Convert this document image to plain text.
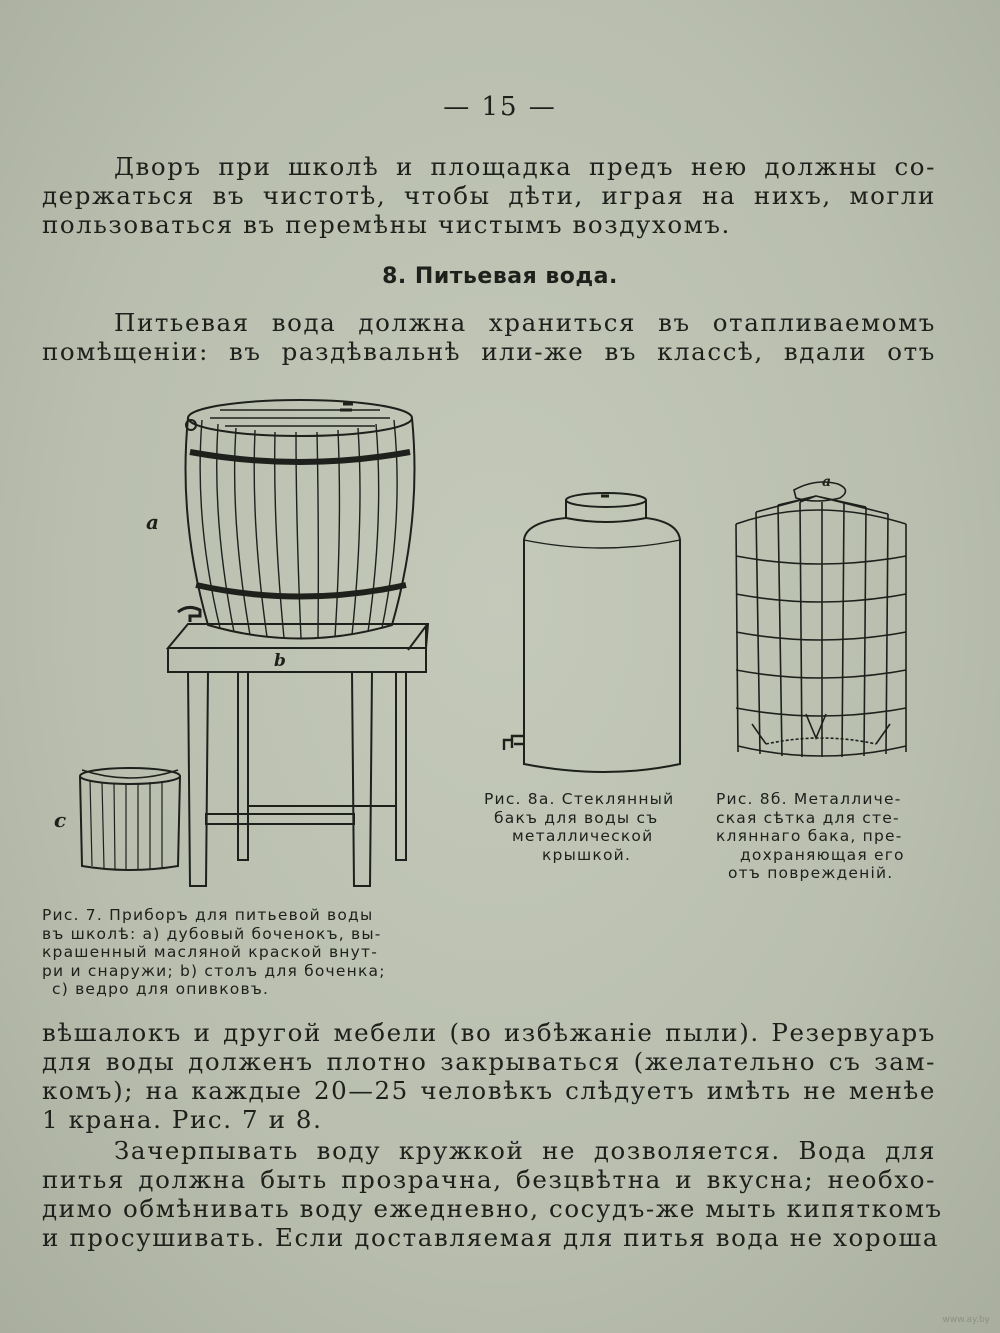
— 15 —
Дворъ при школѣ и площадка предъ нею должны со-
держаться въ чистотѣ, чтобы дѣти, играя на нихъ, могли
пользоваться въ перемѣны чистымъ воздухомъ.
8. Питьевая вода.
Питьевая вода должна храниться въ отапливаемомъ
помѣщенiи: въ раздѣвальнѣ или-же въ классѣ, вдали отъ
a
b
c
Рис. 7. Приборъ для питьевой воды
въ школѣ: а) дубовый боченокъ, вы-
крашенный масляной краской внут-
ри и снаружи; b) столъ для боченка;
с) ведро для опивковъ.
Рис. 8а. Стеклянный
бакъ для воды съ
металлической
крышкой.
a
Рис. 8б. Металличе-
ская сѣтка для сте-
кляннаго бака, пре-
дохраняющая его
отъ поврежденій.
вѣшалокъ и другой мебели (во избѣжанiе пыли). Резервуаръ
для воды долженъ плотно закрываться (желательно съ зам-
комъ); на каждые 20—25 человѣкъ слѣдуетъ имѣть не менѣе
1 крана. Рис. 7 и 8.
Зачерпывать воду кружкой не дозволяется. Вода для
питья должна быть прозрачна, безцвѣтна и вкусна; необхо-
димо обмѣнивать воду ежедневно, сосудъ-же мыть кипяткомъ
и просушивать. Если доставляемая для питья вода не хороша
www.ay.by
